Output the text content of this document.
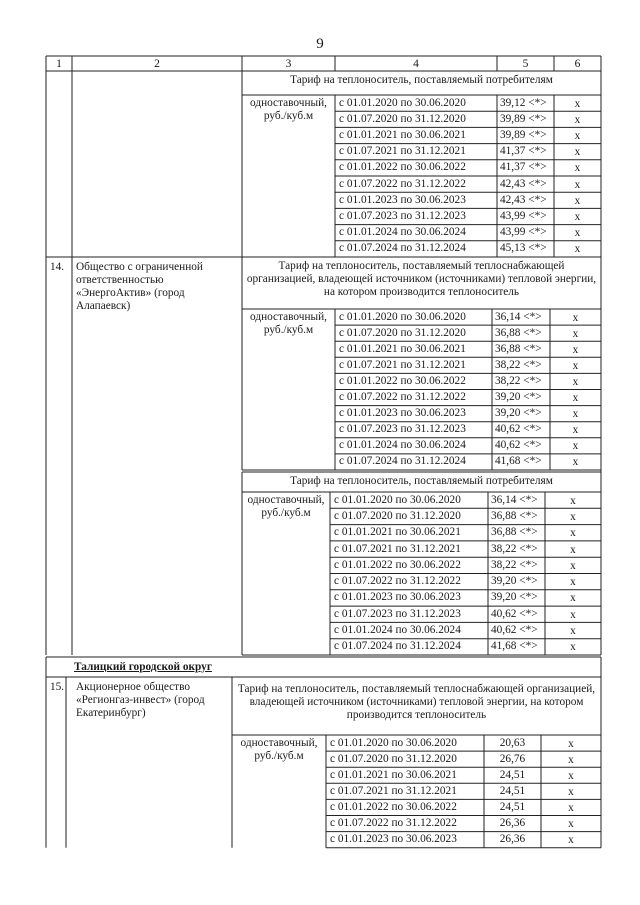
9
1	2	3	4	5	6
Тариф на теплоноситель, поставляемый потребителям
одноставочный, руб./куб.м
с 01.01.2020 по 30.06.2020	39,12 <*>	x
с 01.07.2020 по 31.12.2020	39,89 <*>	x
с 01.01.2021 по 30.06.2021	39,89 <*>	x
с 01.07.2021 по 31.12.2021	41,37 <*>	x
с 01.01.2022 по 30.06.2022	41,37 <*>	x
с 01.07.2022 по 31.12.2022	42,43 <*>	x
с 01.01.2023 по 30.06.2023	42,43 <*>	x
с 01.07.2023 по 31.12.2023	43,99 <*>	x
с 01.01.2024 по 30.06.2024	43,99 <*>	x
с 01.07.2024 по 31.12.2024	45,13 <*>	x
14.	Общество с ограниченной ответственностью «ЭнергоАктив» (город Алапаевск)
Тариф на теплоноситель, поставляемый теплоснабжающей организацией, владеющей источником (источниками) тепловой энергии, на котором производится теплоноситель
одноставочный, руб./куб.м
с 01.01.2020 по 30.06.2020	36,14 <*>	x
с 01.07.2020 по 31.12.2020	36,88 <*>	x
с 01.01.2021 по 30.06.2021	36,88 <*>	x
с 01.07.2021 по 31.12.2021	38,22 <*>	x
с 01.01.2022 по 30.06.2022	38,22 <*>	x
с 01.07.2022 по 31.12.2022	39,20 <*>	x
с 01.01.2023 по 30.06.2023	39,20 <*>	x
с 01.07.2023 по 31.12.2023	40,62 <*>	x
с 01.01.2024 по 30.06.2024	40,62 <*>	x
с 01.07.2024 по 31.12.2024	41,68 <*>	x
Тариф на теплоноситель, поставляемый потребителям
одноставочный, руб./куб.м
с 01.01.2020 по 30.06.2020	36,14 <*>	x
с 01.07.2020 по 31.12.2020	36,88 <*>	x
с 01.01.2021 по 30.06.2021	36,88 <*>	x
с 01.07.2021 по 31.12.2021	38,22 <*>	x
с 01.01.2022 по 30.06.2022	38,22 <*>	x
с 01.07.2022 по 31.12.2022	39,20 <*>	x
с 01.01.2023 по 30.06.2023	39,20 <*>	x
с 01.07.2023 по 31.12.2023	40,62 <*>	x
с 01.01.2024 по 30.06.2024	40,62 <*>	x
с 01.07.2024 по 31.12.2024	41,68 <*>	x
Талицкий городской округ
15.	Акционерное общество «Регионгаз-инвест» (город Екатеринбург)
Тариф на теплоноситель, поставляемый теплоснабжающей организацией, владеющей источником (источниками) тепловой энергии, на котором производится теплоноситель
одноставочный, руб./куб.м
с 01.01.2020 по 30.06.2020	20,63	x
с 01.07.2020 по 31.12.2020	26,76	x
с 01.01.2021 по 30.06.2021	24,51	x
с 01.07.2021 по 31.12.2021	24,51	x
с 01.01.2022 по 30.06.2022	24,51	x
с 01.07.2022 по 31.12.2022	26,36	x
с 01.01.2023 по 30.06.2023	26,36	x
